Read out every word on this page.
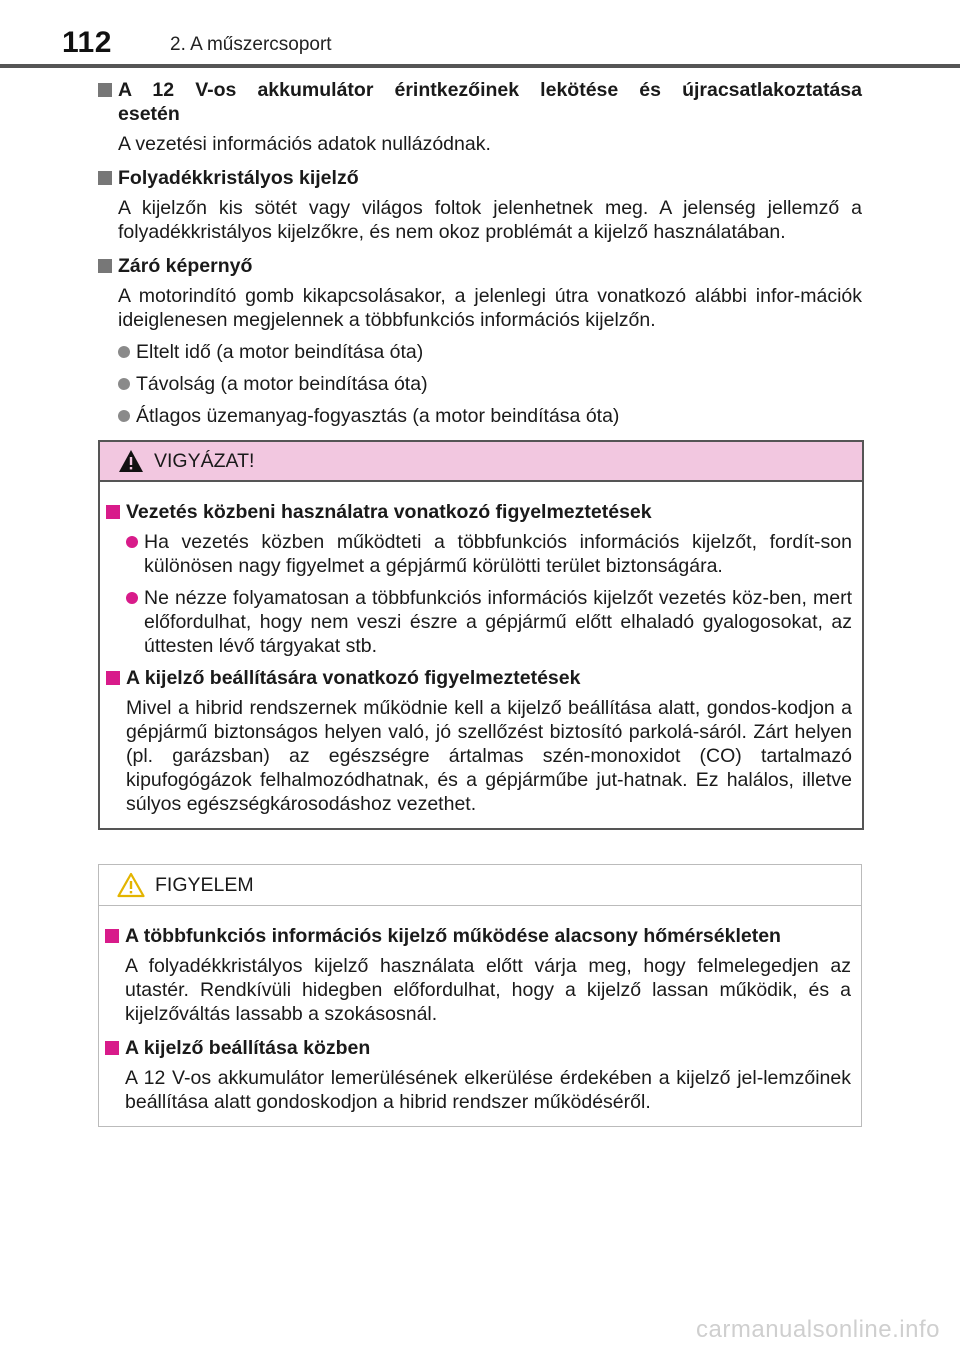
112	2. A műszercsoport
A 12 V-os akkumulátor érintkezőinek lekötése és újracsatlakoztatása esetén
A vezetési információs adatok nullázódnak.
Folyadékkristályos kijelző
A kijelzőn kis sötét vagy világos foltok jelenhetnek meg. A jelenség jellemző a folyadékkristályos kijelzőkre, és nem okoz problémát a kijelző használatában.
Záró képernyő
A motorindító gomb kikapcsolásakor, a jelenlegi útra vonatkozó alábbi infor-mációk ideiglenesen megjelennek a többfunkciós információs kijelzőn.
Eltelt idő (a motor beindítása óta)
Távolság (a motor beindítása óta)
Átlagos üzemanyag-fogyasztás (a motor beindítása óta)
VIGYÁZAT!
Vezetés közbeni használatra vonatkozó figyelmeztetések
Ha vezetés közben működteti a többfunkciós információs kijelzőt, fordít-son különösen nagy figyelmet a gépjármű körülötti terület biztonságára.
Ne nézze folyamatosan a többfunkciós információs kijelzőt vezetés köz-ben, mert előfordulhat, hogy nem veszi észre a gépjármű előtt elhaladó gyalogosokat, az úttesten lévő tárgyakat stb.
A kijelző beállítására vonatkozó figyelmeztetések
Mivel a hibrid rendszernek működnie kell a kijelző beállítása alatt, gondos-kodjon a gépjármű biztonságos helyen való, jó szellőzést biztosító parkolá-sáról. Zárt helyen (pl. garázsban) az egészségre ártalmas szén-monoxidot (CO) tartalmazó kipufogógázok felhalmozódhatnak, és a gépjárműbe jut-hatnak. Ez halálos, illetve súlyos egészségkárosodáshoz vezethet.
FIGYELEM
A többfunkciós információs kijelző működése alacsony hőmérsékleten
A folyadékkristályos kijelző használata előtt várja meg, hogy felmelegedjen az utastér. Rendkívüli hidegben előfordulhat, hogy a kijelző lassan működik, és a kijelzőváltás lassabb a szokásosnál.
A kijelző beállítása közben
A 12 V-os akkumulátor lemerülésének elkerülése érdekében a kijelző jel-lemzőinek beállítása alatt gondoskodjon a hibrid rendszer működéséről.
carmanualsonline.info
